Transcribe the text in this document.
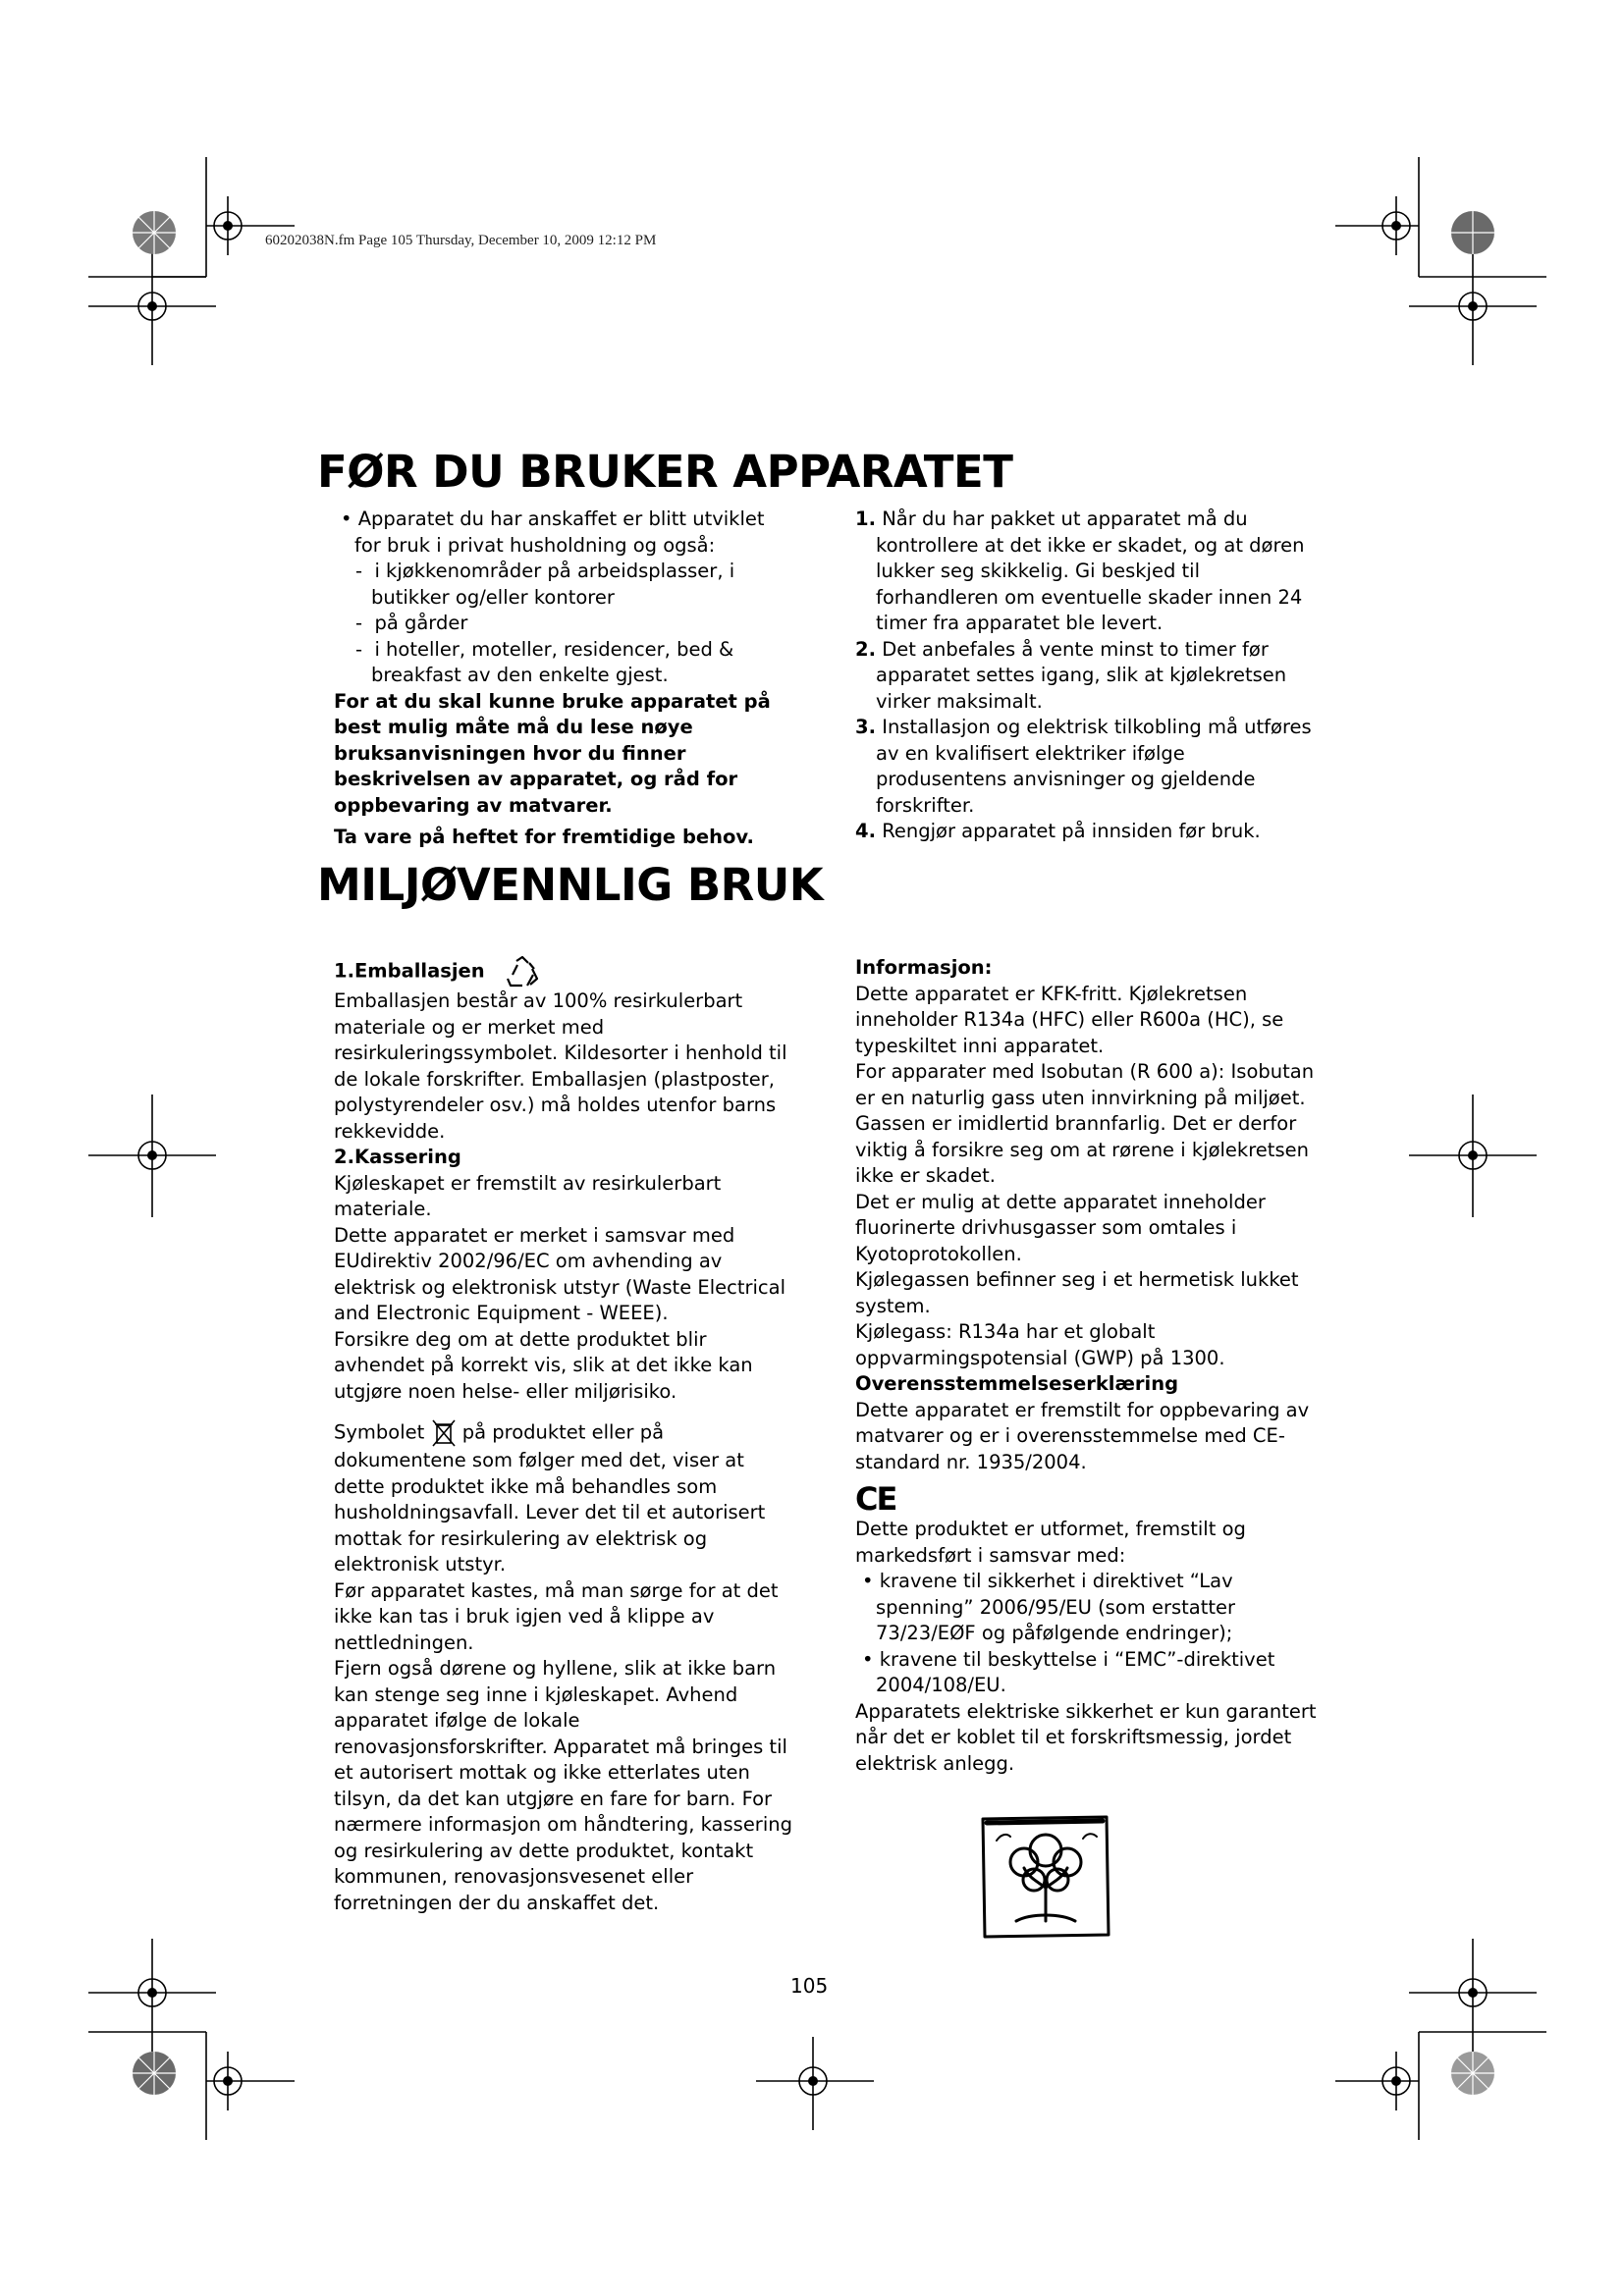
60202038N.fm Page 105 Thursday, December 10, 2009 12:12 PM
FØR DU BRUKER APPARATET
• Apparatet du har anskaffet er blitt utviklet for bruk i privat husholdning og også:
-  i kjøkkenområder på arbeidsplasser, i butikker og/eller kontorer
-  på gårder
-  i hoteller, moteller, residencer, bed & breakfast av den enkelte gjest.

For at du skal kunne bruke apparatet på best mulig måte må du lese nøye bruksanvisningen hvor du finner beskrivelsen av apparatet, og råd for oppbevaring av matvarer.

Ta vare på heftet for fremtidige behov.

1. Når du har pakket ut apparatet må du kontrollere at det ikke er skadet, og at døren lukker seg skikkelig. Gi beskjed til forhandleren om eventuelle skader innen 24 timer fra apparatet ble levert.
2. Det anbefales å vente minst to timer før apparatet settes igang, slik at kjølekretsen virker maksimalt.
3. Installasjon og elektrisk tilkobling må utføres av en kvalifisert elektriker ifølge produsentens anvisninger og gjeldende forskrifter.
4. Rengjør apparatet på innsiden før bruk.
MILJØVENNLIG BRUK

1.Emballasjen

Emballasjen består av 100% resirkulerbart materiale og er merket med resirkuleringssymbolet. Kildesorter i henhold til de lokale forskrifter. Emballasjen (plastposter, polystyrendeler osv.) må holdes utenfor barns rekkevidde.

2.Kassering

Kjøleskapet er fremstilt av resirkulerbart materiale.

Dette apparatet er merket i samsvar med EUdirektiv 2002/96/EC om avhending av elektrisk og elektronisk utstyr (Waste Electrical and Electronic Equipment - WEEE).

Forsikre deg om at dette produktet blir avhendet på korrekt vis, slik at det ikke kan utgjøre noen helse- eller miljørisiko.

Symbolet på produktet eller på dokumentene som følger med det, viser at dette produktet ikke må behandles som husholdningsavfall. Lever det til et autorisert mottak for resirkulering av elektrisk og elektronisk utstyr.

Før apparatet kastes, må man sørge for at det ikke kan tas i bruk igjen ved å klippe av nettledningen.

Fjern også dørene og hyllene, slik at ikke barn kan stenge seg inne i kjøleskapet. Avhend apparatet ifølge de lokale renovasjonsforskrifter. Apparatet må bringes til et autorisert mottak og ikke etterlates uten tilsyn, da det kan utgjøre en fare for barn. For nærmere informasjon om håndtering, kassering og resirkulering av dette produktet, kontakt kommunen, renovasjonsvesenet eller forretningen der du anskaffet det.

Informasjon:

Dette apparatet er KFK-fritt. Kjølekretsen inneholder R134a (HFC) eller R600a (HC), se typeskiltet inni apparatet.

For apparater med Isobutan (R 600 a): Isobutan er en naturlig gass uten innvirkning på miljøet. Gassen er imidlertid brannfarlig. Det er derfor viktig å forsikre seg om at rørene i kjølekretsen ikke er skadet.

Det er mulig at dette apparatet inneholder fluorinerte drivhusgasser som omtales i Kyotoprotokollen.

Kjølegassen befinner seg i et hermetisk lukket system.

Kjølegass: R134a har et globalt oppvarmingspotensial (GWP) på 1300.

Overensstemmelseserklæring

Dette apparatet er fremstilt for oppbevaring av matvarer og er i overensstemmelse med CE-standard nr. 1935/2004.

CE

Dette produktet er utformet, fremstilt og markedsført i samsvar med:

• kravene til sikkerhet i direktivet “Lav spenning” 2006/95/EU (som erstatter 73/23/EØF og påfølgende endringer);
• kravene til beskyttelse i “EMC”-direktivet 2004/108/EU.

Apparatets elektriske sikkerhet er kun garantert når det er koblet til et forskriftsmessig, jordet elektrisk anlegg.

105
